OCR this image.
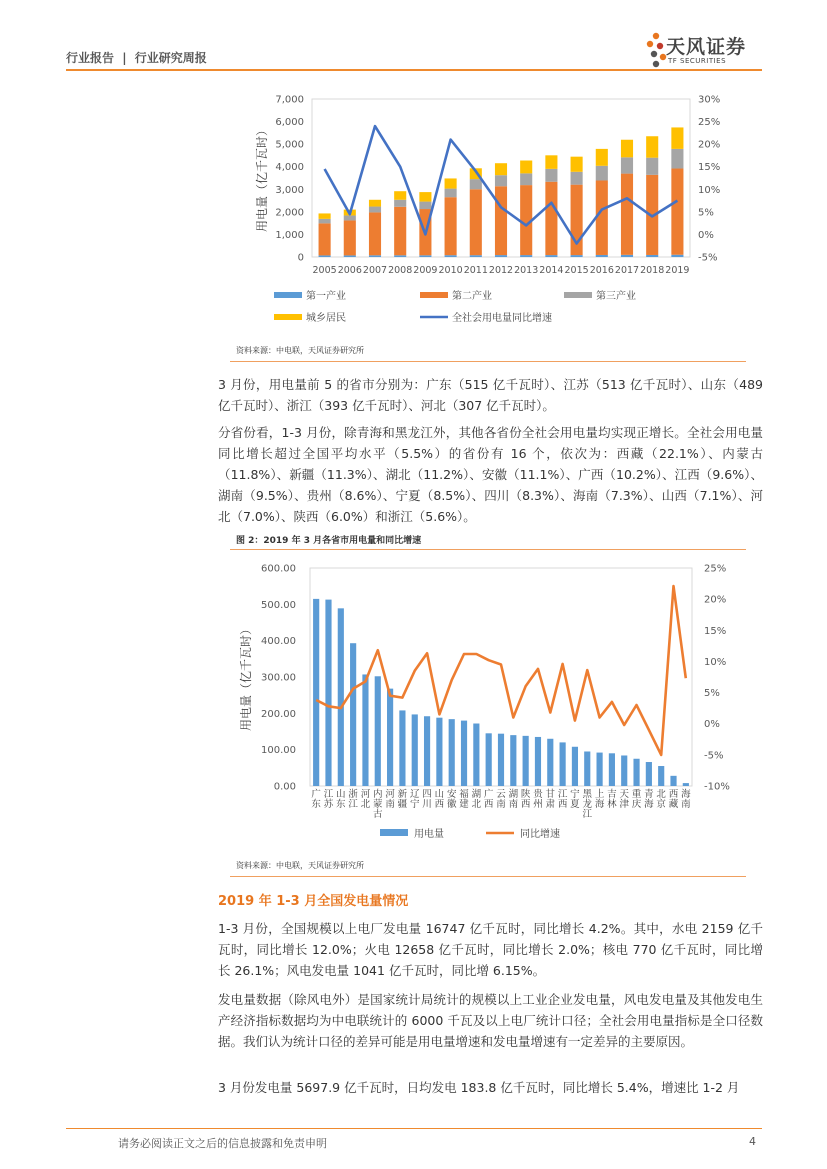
行业报告 | 行业研究周报	天风证券
TF SECURITIES
0
1,000
2,000
3,000
4,000
5,000
6,000
7,000
-5%
0%
5%
10%
15%
20%
25%
30%
用电量（亿千瓦时）
2005 2006 2007 2008 2009 2010 2011 2012 2013 2014 2015 2016 2017 2018 2019
第一产业	第二产业	第三产业
城乡居民	全社会用电量同比增速
资料来源：中电联，天风证券研究所

3 月份，用电量前 5 的省市分别为：广东（515 亿千瓦时）、江苏（513 亿千瓦时）、山东（489 亿千瓦时）、浙江（393 亿千瓦时）、河北（307 亿千瓦时）。

分省份看，1-3 月份，除青海和黑龙江外，其他各省份全社会用电量均实现正增长。全社会用电量同比增长超过全国平均水平（5.5%）的省份有 16 个，依次为：西藏（22.1%）、内蒙古（11.8%）、新疆（11.3%）、湖北（11.2%）、安徽（11.1%）、广西（10.2%）、江西（9.6%）、湖南（9.5%）、贵州（8.6%）、宁夏（8.5%）、四川（8.3%）、海南（7.3%）、山西（7.1%）、河北（7.0%）、陕西（6.0%）和浙江（5.6%）。

图 2：2019 年 3 月各省市用电量和同比增速
0.00
100.00
200.00
300.00
400.00
500.00
600.00
-10%
-5%
0%
5%
10%
15%
20%
25%
用电量（亿千瓦时）
广东
江苏
山东
浙江
河北
内蒙古
河南
新疆
辽宁
四川
山西
安徽
福建
湖北
广西
云南
湖南
陕西
贵州
甘肃
江西
宁夏
黑龙江
上海
吉林
天津
重庆
青海
北京
西藏
海南
用电量	同比增速
资料来源：中电联，天风证券研究所
2019 年 1-3 月全国发电量情况

1-3 月份，全国规模以上电厂发电量 16747 亿千瓦时，同比增长 4.2%。其中，水电 2159 亿千瓦时，同比增长 12.0%；火电 12658 亿千瓦时，同比增长 2.0%；核电 770 亿千瓦时，同比增长 26.1%；风电发电量 1041 亿千瓦时，同比增 6.15%。

发电量数据（除风电外）是国家统计局统计的规模以上工业企业发电量，风电发电量及其他发电生产经济指标数据均为中电联统计的 6000 千瓦及以上电厂统计口径；全社会用电量指标是全口径数据。我们认为统计口径的差异可能是用电量增速和发电量增速有一定差异的主要原因。

3 月份发电量 5697.9 亿千瓦时，日均发电 183.8 亿千瓦时，同比增长 5.4%，增速比 1-2 月

请务必阅读正文之后的信息披露和免责申明	4
